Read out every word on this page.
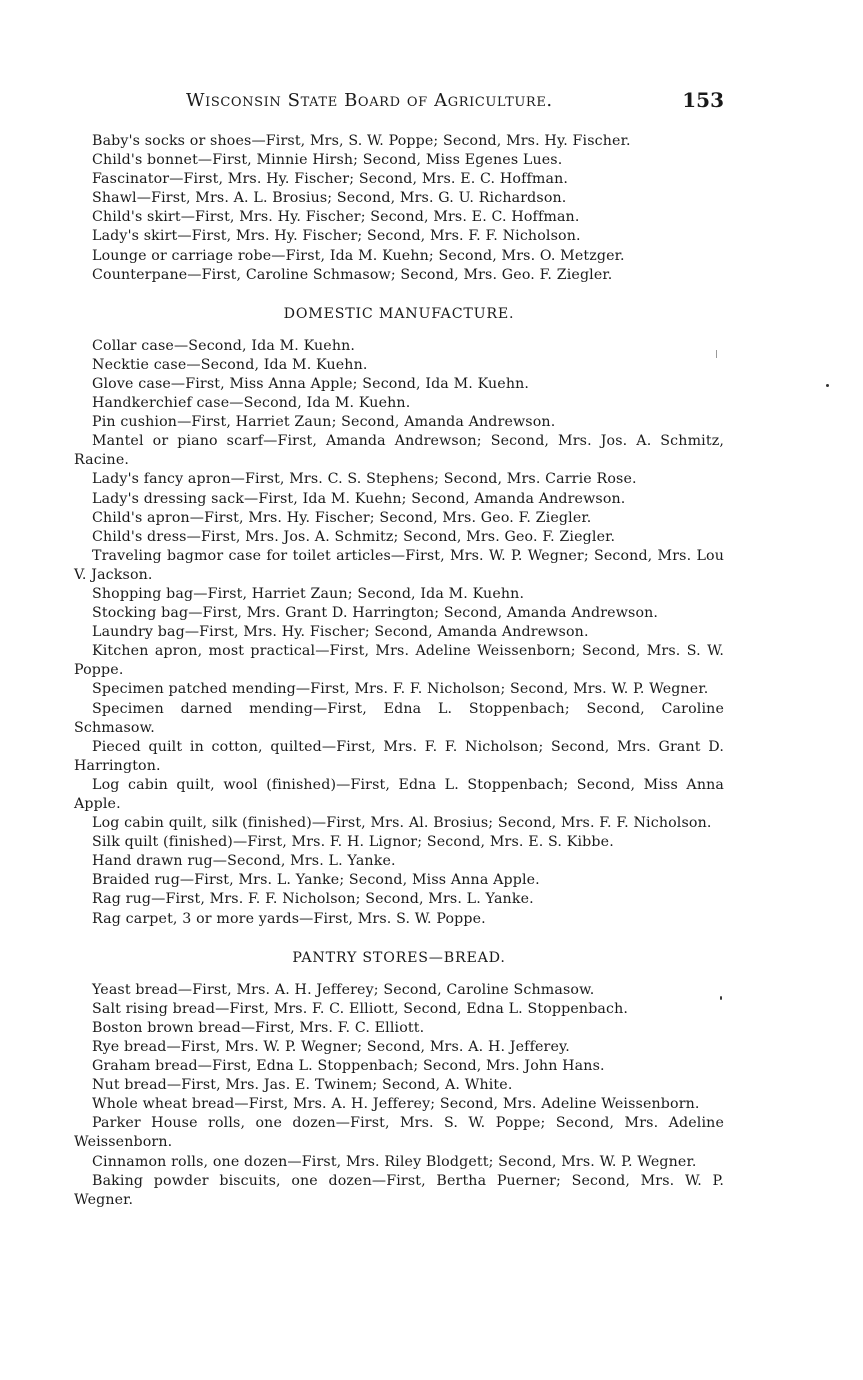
Wisconsin State Board of Agriculture.	153
Baby's socks or shoes—First, Mrs, S. W. Poppe; Second, Mrs. Hy. Fischer.
Child's bonnet—First, Minnie Hirsh; Second, Miss Egenes Lues.
Fascinator—First, Mrs. Hy. Fischer; Second, Mrs. E. C. Hoffman.
Shawl—First, Mrs. A. L. Brosius; Second, Mrs. G. U. Richardson.
Child's skirt—First, Mrs. Hy. Fischer; Second, Mrs. E. C. Hoffman.
Lady's skirt—First, Mrs. Hy. Fischer; Second, Mrs. F. F. Nicholson.
Lounge or carriage robe—First, Ida M. Kuehn; Second, Mrs. O. Metzger.
Counterpane—First, Caroline Schmasow; Second, Mrs. Geo. F. Ziegler.
DOMESTIC MANUFACTURE.
Collar case—Second, Ida M. Kuehn.
Necktie case—Second, Ida M. Kuehn.
Glove case—First, Miss Anna Apple; Second, Ida M. Kuehn.
Handkerchief case—Second, Ida M. Kuehn.
Pin cushion—First, Harriet Zaun; Second, Amanda Andrewson.
Mantel or piano scarf—First, Amanda Andrewson; Second, Mrs. Jos. A. Schmitz, Racine.
Lady's fancy apron—First, Mrs. C. S. Stephens; Second, Mrs. Carrie Rose.
Lady's dressing sack—First, Ida M. Kuehn; Second, Amanda Andrewson.
Child's apron—First, Mrs. Hy. Fischer; Second, Mrs. Geo. F. Ziegler.
Child's dress—First, Mrs. Jos. A. Schmitz; Second, Mrs. Geo. F. Ziegler.
Traveling bagmor case for toilet articles—First, Mrs. W. P. Wegner; Second, Mrs. Lou V. Jackson.
Shopping bag—First, Harriet Zaun; Second, Ida M. Kuehn.
Stocking bag—First, Mrs. Grant D. Harrington; Second, Amanda Andrewson.
Laundry bag—First, Mrs. Hy. Fischer; Second, Amanda Andrewson.
Kitchen apron, most practical—First, Mrs. Adeline Weissenborn; Second, Mrs. S. W. Poppe.
Specimen patched mending—First, Mrs. F. F. Nicholson; Second, Mrs. W. P. Wegner.
Specimen darned mending—First, Edna L. Stoppenbach; Second, Caroline Schmasow.
Pieced quilt in cotton, quilted—First, Mrs. F. F. Nicholson; Second, Mrs. Grant D. Harrington.
Log cabin quilt, wool (finished)—First, Edna L. Stoppenbach; Second, Miss Anna Apple.
Log cabin quilt, silk (finished)—First, Mrs. Al. Brosius; Second, Mrs. F. F. Nicholson.
Silk quilt (finished)—First, Mrs. F. H. Lignor; Second, Mrs. E. S. Kibbe.
Hand drawn rug—Second, Mrs. L. Yanke.
Braided rug—First, Mrs. L. Yanke; Second, Miss Anna Apple.
Rag rug—First, Mrs. F. F. Nicholson; Second, Mrs. L. Yanke.
Rag carpet, 3 or more yards—First, Mrs. S. W. Poppe.
PANTRY STORES—BREAD.
Yeast bread—First, Mrs. A. H. Jefferey; Second, Caroline Schmasow.
Salt rising bread—First, Mrs. F. C. Elliott, Second, Edna L. Stoppenbach.
Boston brown bread—First, Mrs. F. C. Elliott.
Rye bread—First, Mrs. W. P. Wegner; Second, Mrs. A. H. Jefferey.
Graham bread—First, Edna L. Stoppenbach; Second, Mrs. John Hans.
Nut bread—First, Mrs. Jas. E. Twinem; Second, A. White.
Whole wheat bread—First, Mrs. A. H. Jefferey; Second, Mrs. Adeline Weissenborn.
Parker House rolls, one dozen—First, Mrs. S. W. Poppe; Second, Mrs. Adeline Weissenborn.
Cinnamon rolls, one dozen—First, Mrs. Riley Blodgett; Second, Mrs. W. P. Wegner.
Baking powder biscuits, one dozen—First, Bertha Puerner; Second, Mrs. W. P. Wegner.
